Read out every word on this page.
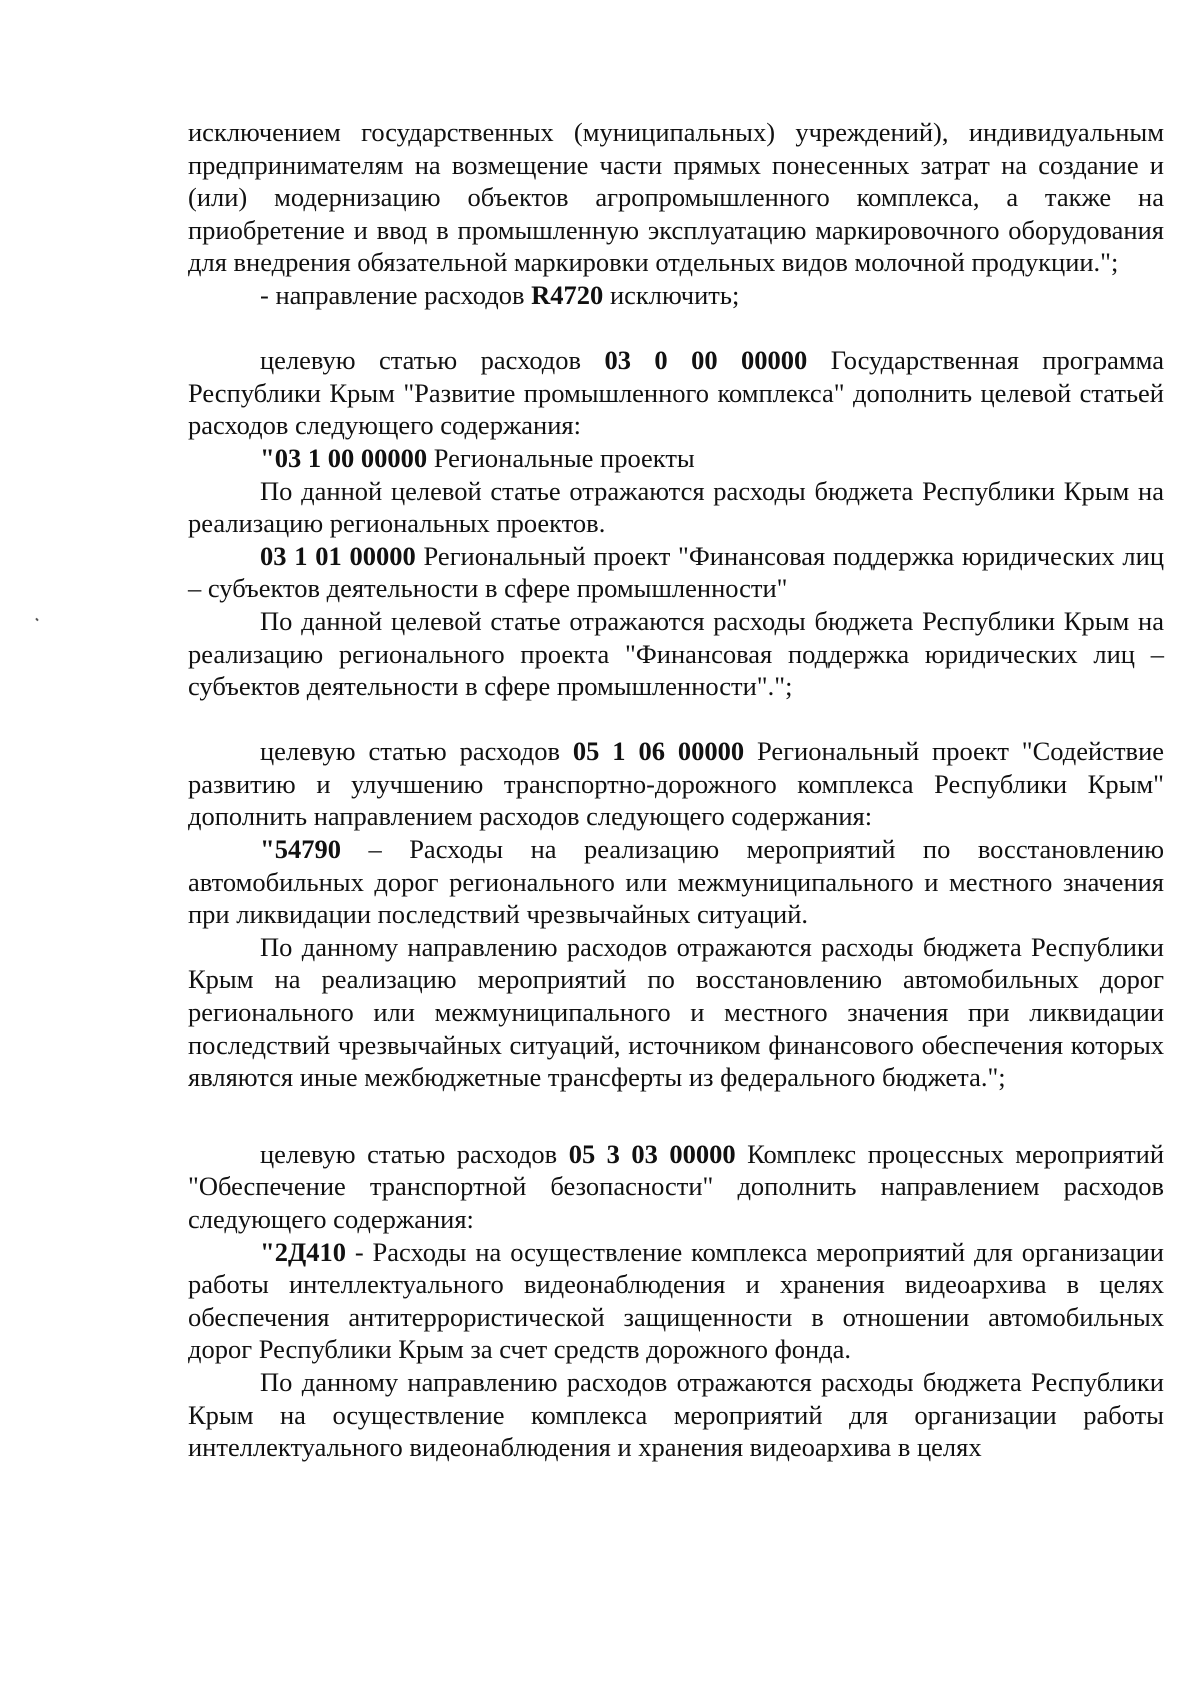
исключением государственных (муниципальных) учреждений), индивидуальным предпринимателям на возмещение части прямых понесенных затрат на создание и (или) модернизацию объектов агропромышленного комплекса, а также на приобретение и ввод в промышленную эксплуатацию маркировочного оборудования для внедрения обязательной маркировки отдельных видов молочной продукции.";

- направление расходов R4720 исключить;

целевую статью расходов 03 0 00 00000 Государственная программа Республики Крым "Развитие промышленного комплекса" дополнить целевой статьей расходов следующего содержания:

"03 1 00 00000 Региональные проекты

По данной целевой статье отражаются расходы бюджета Республики Крым на реализацию региональных проектов.

03 1 01 00000 Региональный проект "Финансовая поддержка юридических лиц – субъектов деятельности в сфере промышленности"

По данной целевой статье отражаются расходы бюджета Республики Крым на реализацию регионального проекта "Финансовая поддержка юридических лиц – субъектов деятельности в сфере промышленности".";

целевую статью расходов 05 1 06 00000 Региональный проект "Содействие развитию и улучшению транспортно-дорожного комплекса Республики Крым" дополнить направлением расходов следующего содержания:

"54790 – Расходы на реализацию мероприятий по восстановлению автомобильных дорог регионального или межмуниципального и местного значения при ликвидации последствий чрезвычайных ситуаций.

По данному направлению расходов отражаются расходы бюджета Республики Крым на реализацию мероприятий по восстановлению автомобильных дорог регионального или межмуниципального и местного значения при ликвидации последствий чрезвычайных ситуаций, источником финансового обеспечения которых являются иные межбюджетные трансферты из федерального бюджета.";

целевую статью расходов 05 3 03 00000 Комплекс процессных мероприятий "Обеспечение транспортной безопасности" дополнить направлением расходов следующего содержания:

"2Д410 - Расходы на осуществление комплекса мероприятий для организации работы интеллектуального видеонаблюдения и хранения видеоархива в целях обеспечения антитеррористической защищенности в отношении автомобильных дорог Республики Крым за счет средств дорожного фонда.

По данному направлению расходов отражаются расходы бюджета Республики Крым на осуществление комплекса мероприятий для организации работы интеллектуального видеонаблюдения и хранения видеоархива в целях
